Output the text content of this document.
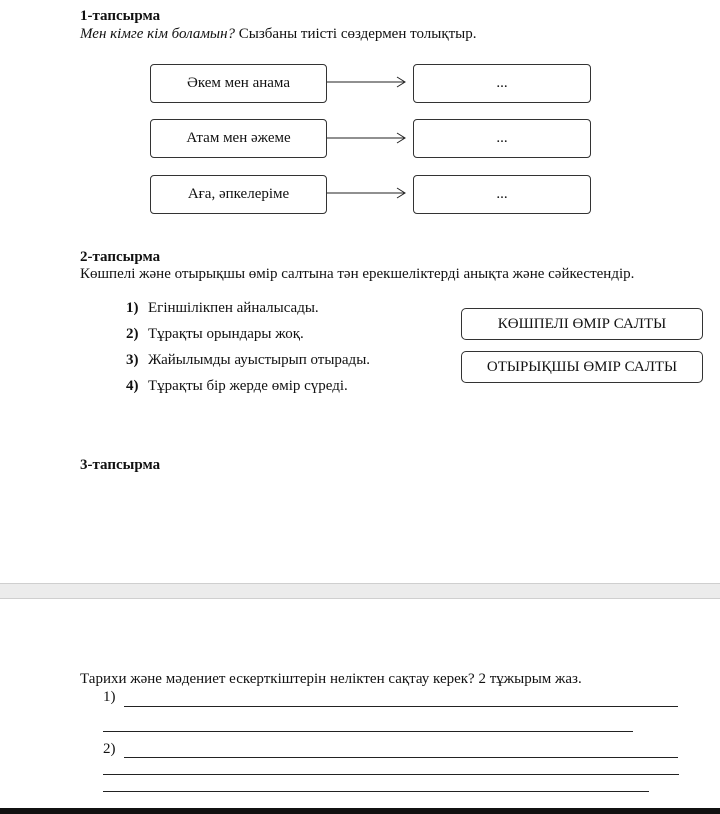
1-тапсырма
Мен кімге кім боламын? Сызбаны тиісті сөздермен толықтыр.
Әкем мен анама	...
Атам мен әжеме	...
Аға, әпкелеріме	...
2-тапсырма
Көшпелі және отырықшы өмір салтына тән ерекшеліктерді анықта және сәйкестендір.
1) Егіншілікпен айналысады.
2) Тұрақты орындары жоқ.
3) Жайылымды ауыстырып отырады.
4) Тұрақты бір жерде өмір сүреді.
КӨШПЕЛІ ӨМІР САЛТЫ
ОТЫРЫҚШЫ ӨМІР САЛТЫ
3-тапсырма
Тарихи және мәдениет ескерткіштерін неліктен сақтау керек? 2 тұжырым жаз.
1)
2)
